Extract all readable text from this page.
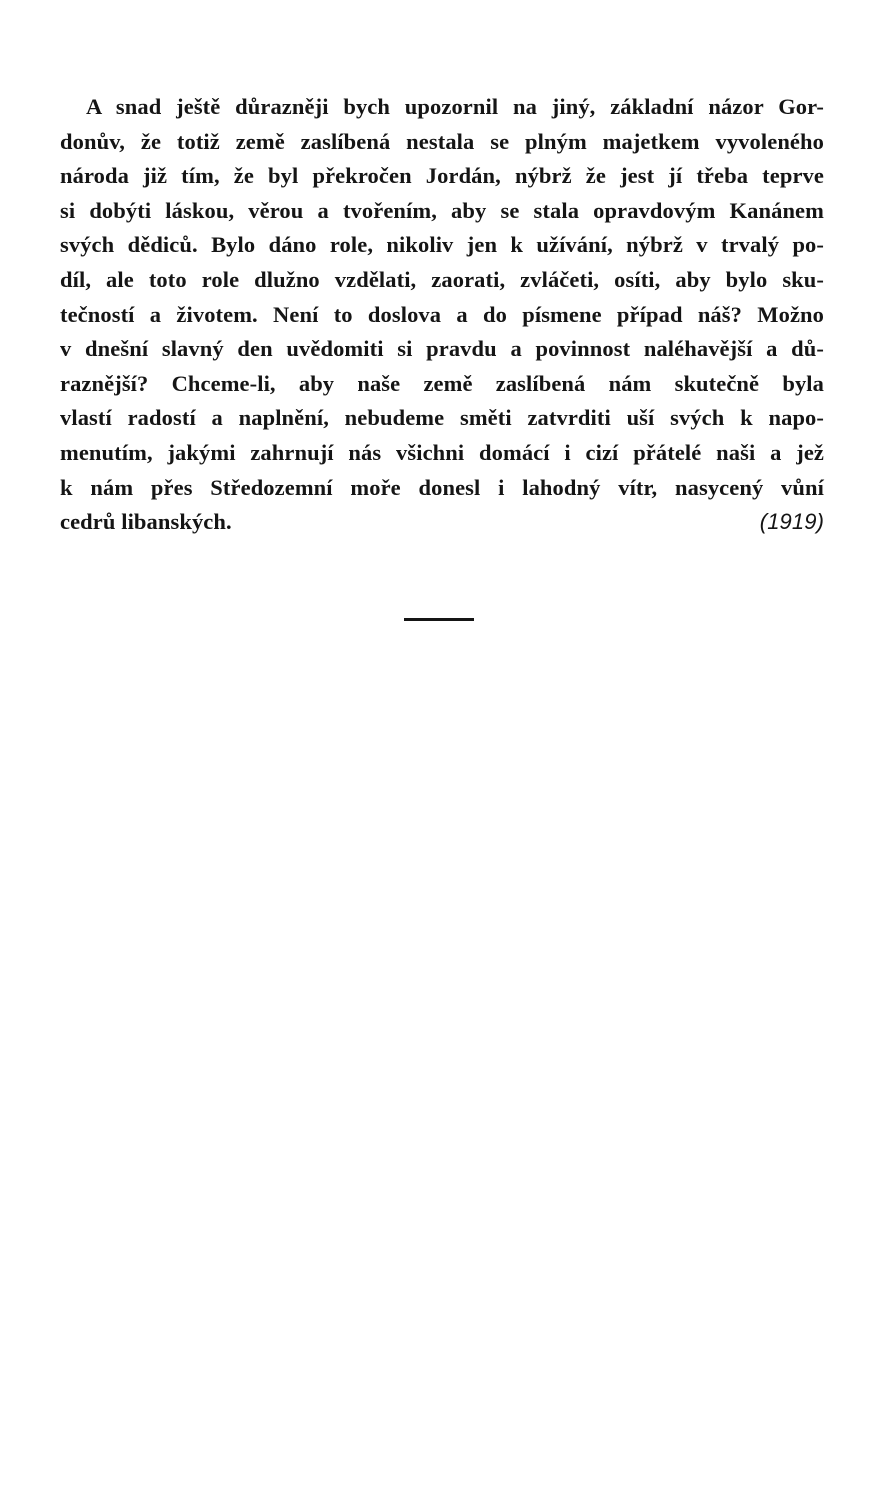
A snad ještě důrazněji bych upozornil na jiný, základní názor Gor-
donův, že totiž země zaslíbená nestala se plným majetkem vyvoleného
národa již tím, že byl překročen Jordán, nýbrž že jest jí třeba teprve
si dobýti láskou, věrou a tvořením, aby se stala opravdovým Kanánem
svých dědiců. Bylo dáno role, nikoliv jen k užívání, nýbrž v trvalý po-
díl, ale toto role dlužno vzdělati, zaorati, zvláčeti, osíti, aby bylo sku-
tečností a životem. Není to doslova a do písmene případ náš? Možno
v dnešní slavný den uvědomiti si pravdu a povinnost naléhavější a dů-
raznější? Chceme-li, aby naše země zaslíbená nám skutečně byla
vlastí radostí a naplnění, nebudeme směti zatvrditi uší svých k napo-
menutím, jakými zahrnují nás všichni domácí i cizí přátelé naši a jež
k nám přes Středozemní moře donesl i lahodný vítr, nasycený vůní
cedrů libanských.	(1919)
